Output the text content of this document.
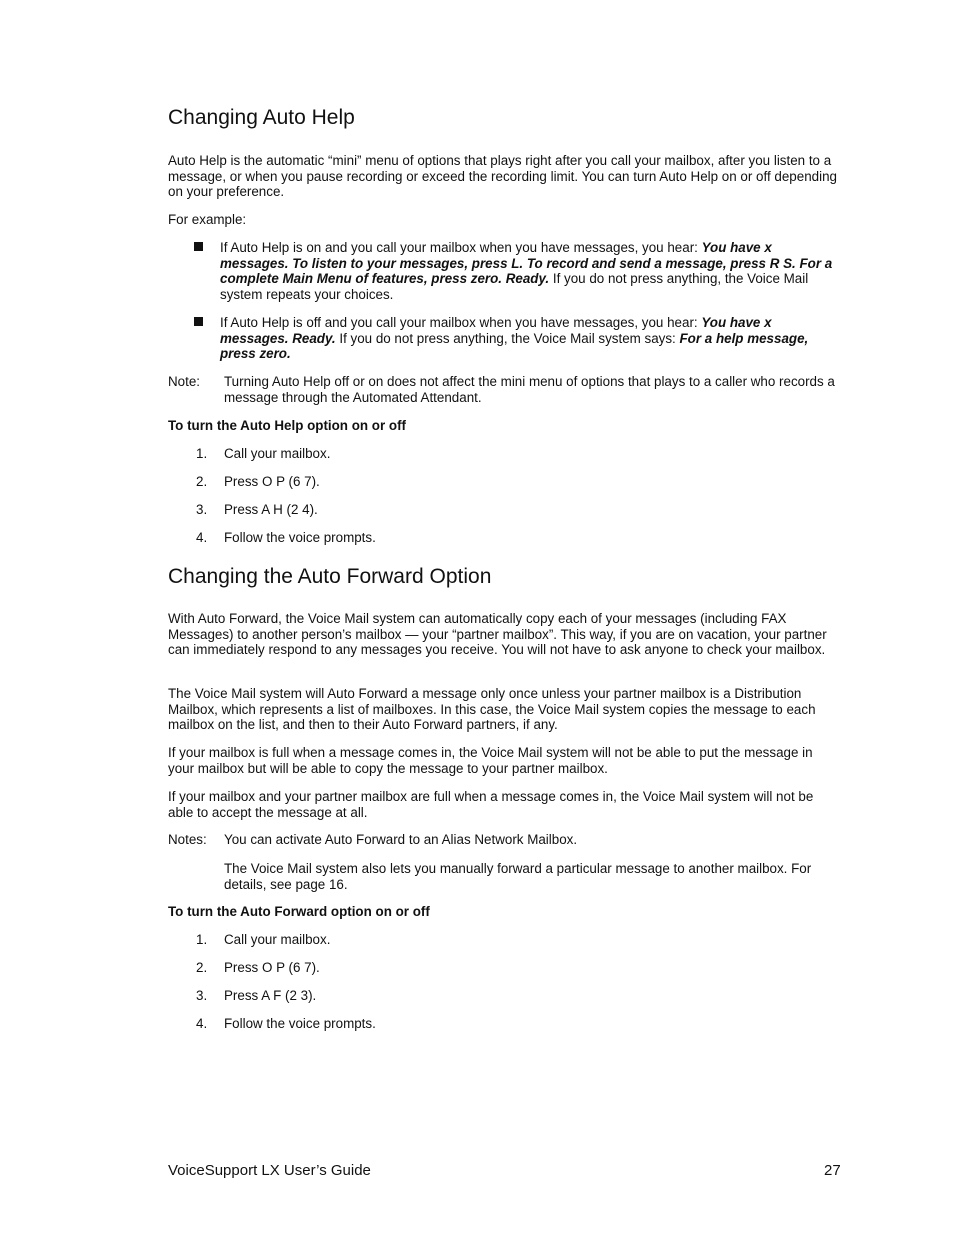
Changing Auto Help

Auto Help is the automatic “mini” menu of options that plays right after you call your mailbox, after you listen to a message, or when you pause recording or exceed the recording limit. You can turn Auto Help on or off depending on your preference.

For example:

If Auto Help is on and you call your mailbox when you have messages, you hear: You have x messages. To listen to your messages, press L. To record and send a message, press R S. For a complete Main Menu of features, press zero. Ready. If you do not press anything, the Voice Mail system repeats your choices.

If Auto Help is off and you call your mailbox when you have messages, you hear: You have x messages. Ready. If you do not press anything, the Voice Mail system says: For a help message, press zero.

Note: Turning Auto Help off or on does not affect the mini menu of options that plays to a caller who records a message through the Automated Attendant.

To turn the Auto Help option on or off

1. Call your mailbox.

2. Press O P (6 7).

3. Press A H (2 4).

4. Follow the voice prompts.

Changing the Auto Forward Option

With Auto Forward, the Voice Mail system can automatically copy each of your messages (including FAX Messages) to another person’s mailbox — your “partner mailbox”. This way, if you are on vacation, your partner can immediately respond to any messages you receive. You will not have to ask anyone to check your mailbox.

The Voice Mail system will Auto Forward a message only once unless your partner mailbox is a Distribution Mailbox, which represents a list of mailboxes. In this case, the Voice Mail system copies the message to each mailbox on the list, and then to their Auto Forward partners, if any.

If your mailbox is full when a message comes in, the Voice Mail system will not be able to put the message in your mailbox but will be able to copy the message to your partner mailbox.

If your mailbox and your partner mailbox are full when a message comes in, the Voice Mail system will not be able to accept the message at all.

Notes: You can activate Auto Forward to an Alias Network Mailbox.

The Voice Mail system also lets you manually forward a particular message to another mailbox. For details, see page 16.

To turn the Auto Forward option on or off

1. Call your mailbox.

2. Press O P (6 7).

3. Press A F (2 3).

4. Follow the voice prompts.

VoiceSupport LX User’s Guide	27
